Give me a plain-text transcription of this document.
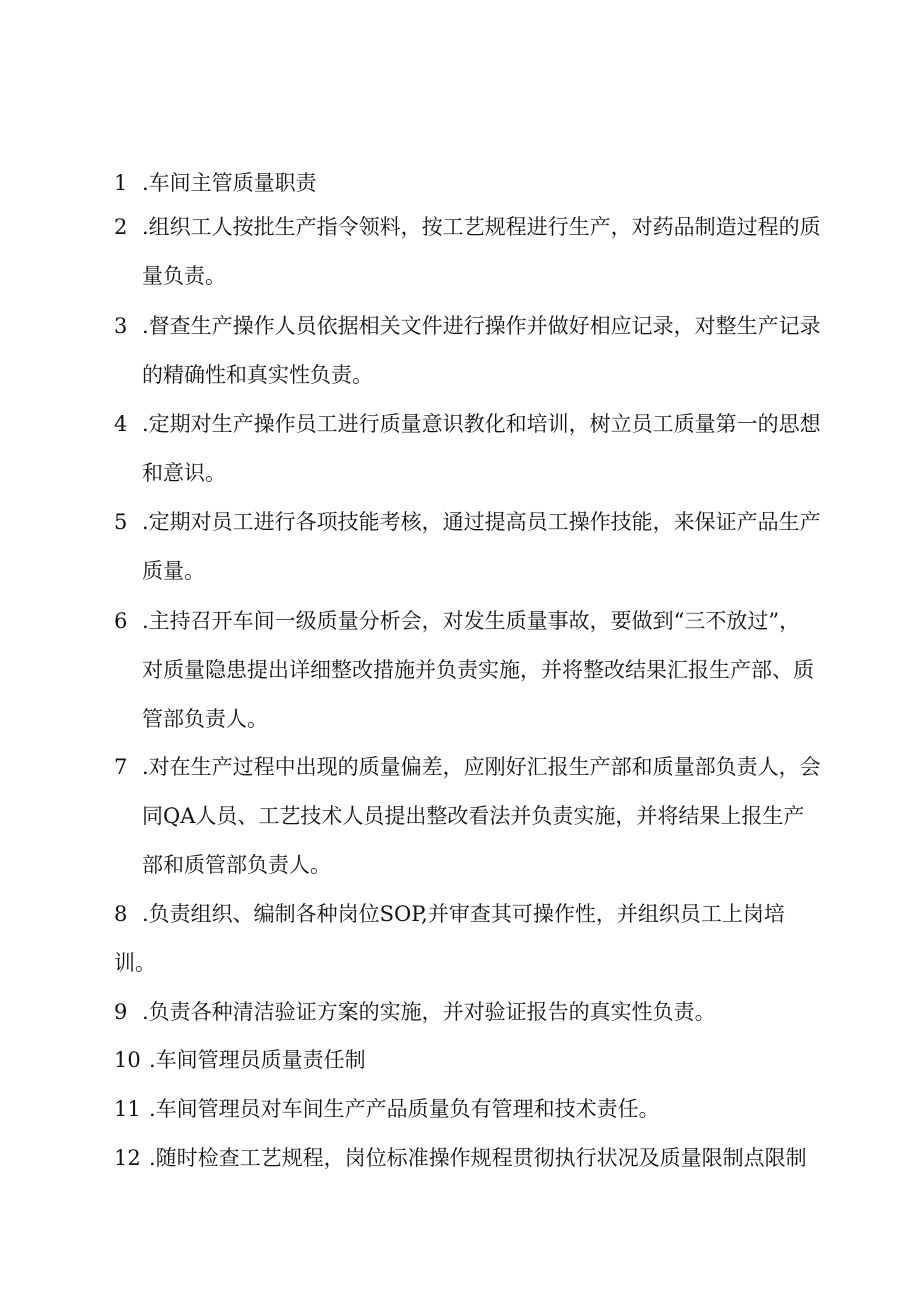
1 .车间主管质量职责
2 .组织工人按批生产指令领料，按工艺规程进行生产，对药品制造过程的质
量负责。
3 .督查生产操作人员依据相关文件进行操作并做好相应记录，对整生产记录
的精确性和真实性负责。
4 .定期对生产操作员工进行质量意识教化和培训，树立员工质量第一的思想
和意识。
5 .定期对员工进行各项技能考核，通过提高员工操作技能，来保证产品生产
质量。
6 .主持召开车间一级质量分析会，对发生质量事故，要做到“三不放过”，
对质量隐患提出详细整改措施并负责实施，并将整改结果汇报生产部、质
管部负责人。
7 .对在生产过程中出现的质量偏差，应刚好汇报生产部和质量部负责人，会
同QA人员、工艺技术人员提出整改看法并负责实施，并将结果上报生产
部和质管部负责人。
8 .负责组织、编制各种岗位SOP,并审查其可操作性，并组织员工上岗培
训。
9 .负责各种清洁验证方案的实施，并对验证报告的真实性负责。
10 .车间管理员质量责任制
11 .车间管理员对车间生产产品质量负有管理和技术责任。
12 .随时检查工艺规程，岗位标准操作规程贯彻执行状况及质量限制点限制
